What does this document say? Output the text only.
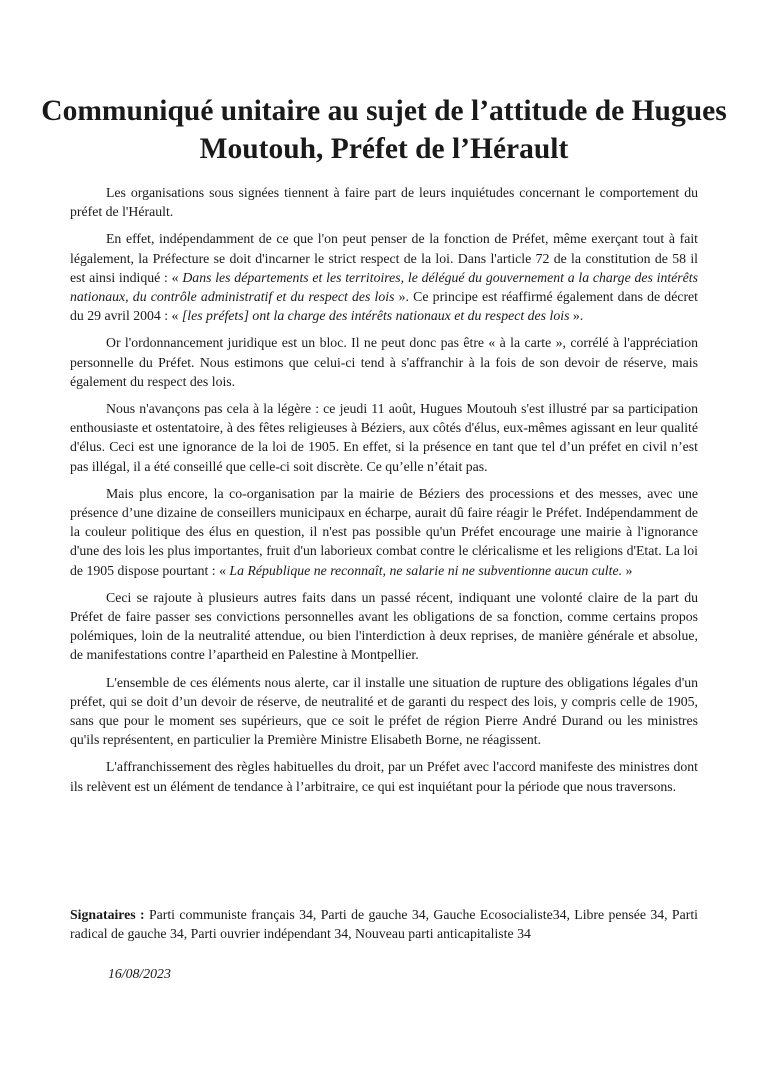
Communiqué unitaire au sujet de l’attitude de Hugues Moutouh, Préfet de l’Hérault

Les organisations sous signées tiennent à faire part de leurs inquiétudes concernant le comportement du préfet de l'Hérault.

En effet, indépendamment de ce que l'on peut penser de la fonction de Préfet, même exerçant tout à fait légalement, la Préfecture se doit d'incarner le strict respect de la loi. Dans l'article 72 de la constitution de 58 il est ainsi indiqué : « Dans les départements et les territoires, le délégué du gouvernement a la charge des intérêts nationaux, du contrôle administratif et du respect des lois ». Ce principe est réaffirmé également dans de décret du 29 avril 2004 : « [les préfets] ont la charge des intérêts nationaux et du respect des lois ».

Or l'ordonnancement juridique est un bloc. Il ne peut donc pas être « à la carte », corrélé à l'appréciation personnelle du Préfet. Nous estimons que celui-ci tend à s'affranchir à la fois de son devoir de réserve, mais également du respect des lois.

Nous n'avançons pas cela à la légère : ce jeudi 11 août, Hugues Moutouh s'est illustré par sa participation enthousiaste et ostentatoire, à des fêtes religieuses à Béziers, aux côtés d'élus, eux-mêmes agissant en leur qualité d'élus. Ceci est une ignorance de la loi de 1905. En effet, si la présence en tant que tel d’un préfet en civil n’est pas illégal, il a été conseillé que celle-ci soit discrète. Ce qu’elle n’était pas.

Mais plus encore, la co-organisation par la mairie de Béziers des processions et des messes, avec une présence d’une dizaine de conseillers municipaux en écharpe, aurait dû faire réagir le Préfet. Indépendamment de la couleur politique des élus en question, il n'est pas possible qu'un Préfet encourage une mairie à l'ignorance d'une des lois les plus importantes, fruit d'un laborieux combat contre le cléricalisme et les religions d'Etat. La loi de 1905 dispose pourtant : « La République ne reconnaît, ne salarie ni ne subventionne aucun culte. »

Ceci se rajoute à plusieurs autres faits dans un passé récent, indiquant une volonté claire de la part du Préfet de faire passer ses convictions personnelles avant les obligations de sa fonction, comme certains propos polémiques, loin de la neutralité attendue, ou bien l'interdiction à deux reprises, de manière générale et absolue, de manifestations contre l’apartheid en Palestine à Montpellier.

L'ensemble de ces éléments nous alerte, car il installe une situation de rupture des obligations légales d'un préfet, qui se doit d’un devoir de réserve, de neutralité et de garanti du respect des lois, y compris celle de 1905, sans que pour le moment ses supérieurs, que ce soit le préfet de région Pierre André Durand ou les ministres qu'ils représentent, en particulier la Première Ministre Elisabeth Borne, ne réagissent.

L'affranchissement des règles habituelles du droit, par un Préfet avec l'accord manifeste des ministres dont ils relèvent est un élément de tendance à l’arbitraire, ce qui est inquiétant pour la période que nous traversons.

Signataires : Parti communiste français 34, Parti de gauche 34, Gauche Ecosocialiste34, Libre pensée 34, Parti radical de gauche 34, Parti ouvrier indépendant 34, Nouveau parti anticapitaliste 34

16/08/2023
